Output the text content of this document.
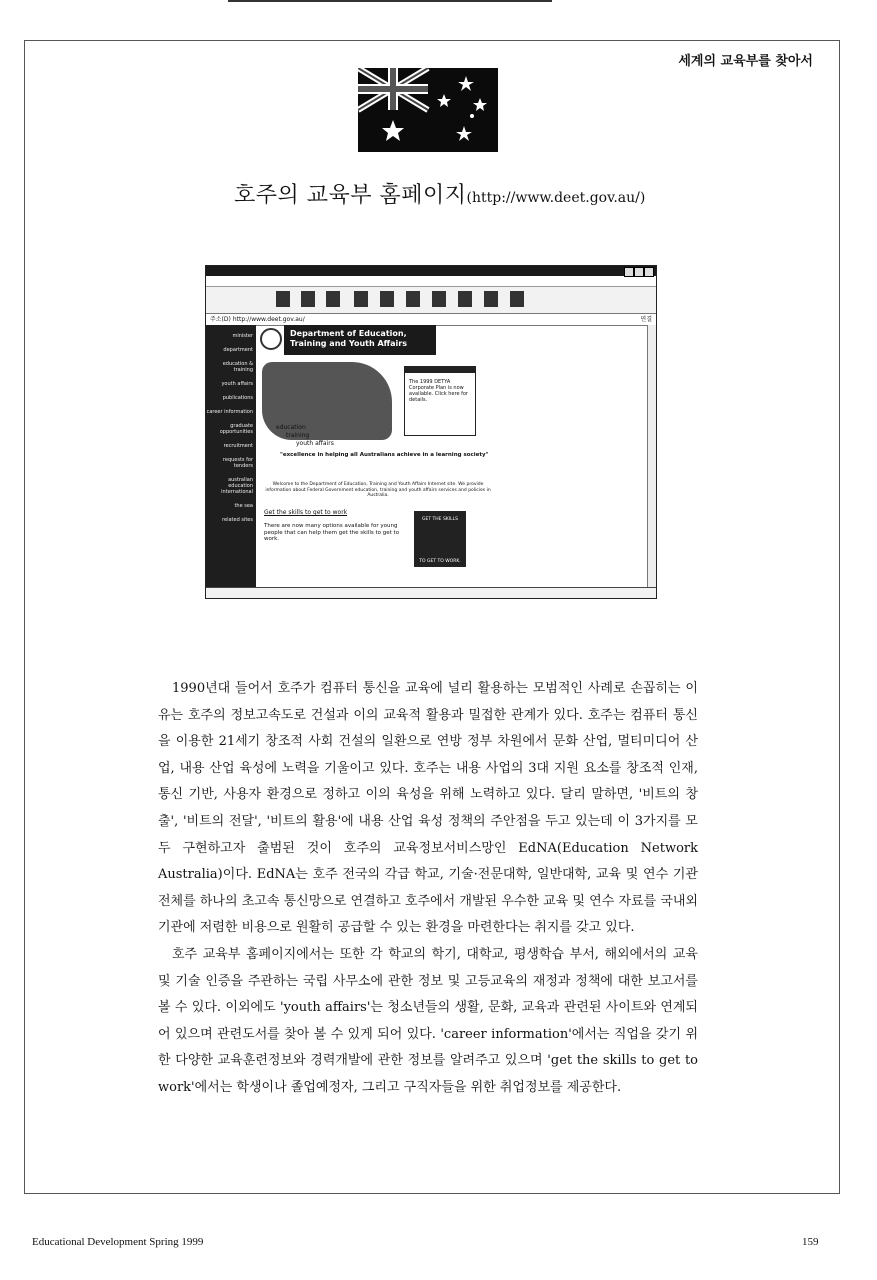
세계의 교육부를 찾아서
호주의 교육부 홈페이지(http://www.deet.gov.au/)
주소(D) http://www.deet.gov.au/	연결
minister
department
education & training
youth affairs
publications
career information
graduate opportunities
recruitment
requests for tenders
australian education international
the sea
related sites
Department of Education, Training and Youth Affairs
education
training
youth affairs
The 1999 DETYA Corporate Plan is now available. Click here for details.
"excellence in helping all Australians achieve in a learning society"
Welcome to the Department of Education, Training and Youth Affairs Internet site. We provide information about Federal Government education, training and youth affairs services and policies in Australia.
Get the skills to get to work
There are now many options available for young people that can help them get the skills to get to work.
GET THE SKILLS
TO GET TO WORK.

1990년대 들어서 호주가 컴퓨터 통신을 교육에 널리 활용하는 모범적인 사례로 손꼽히는 이유는 호주의 정보고속도로 건설과 이의 교육적 활용과 밀접한 관계가 있다. 호주는 컴퓨터 통신을 이용한 21세기 창조적 사회 건설의 일환으로 연방 정부 차원에서 문화 산업, 멀티미디어 산업, 내용 산업 육성에 노력을 기울이고 있다. 호주는 내용 사업의 3대 지원 요소를 창조적 인재, 통신 기반, 사용자 환경으로 정하고 이의 육성을 위해 노력하고 있다. 달리 말하면, '비트의 창출', '비트의 전달', '비트의 활용'에 내용 산업 육성 정책의 주안점을 두고 있는데 이 3가지를 모두 구현하고자 출범된 것이 호주의 교육정보서비스망인 EdNA(Education Network Australia)이다. EdNA는 호주 전국의 각급 학교, 기술·전문대학, 일반대학, 교육 및 연수 기관 전체를 하나의 초고속 통신망으로 연결하고 호주에서 개발된 우수한 교육 및 연수 자료를 국내외 기관에 저렴한 비용으로 원활히 공급할 수 있는 환경을 마련한다는 취지를 갖고 있다.

호주 교육부 홈페이지에서는 또한 각 학교의 학기, 대학교, 평생학습 부서, 해외에서의 교육 및 기술 인증을 주관하는 국립 사무소에 관한 정보 및 고등교육의 재정과 정책에 대한 보고서를 볼 수 있다. 이외에도 'youth affairs'는 청소년들의 생활, 문화, 교육과 관련된 사이트와 연계되어 있으며 관련도서를 찾아 볼 수 있게 되어 있다. 'career information'에서는 직업을 갖기 위한 다양한 교육훈련정보와 경력개발에 관한 정보를 알려주고 있으며 'get the skills to get to work'에서는 학생이나 졸업예정자, 그리고 구직자들을 위한 취업정보를 제공한다.

Educational Development Spring 1999	159
